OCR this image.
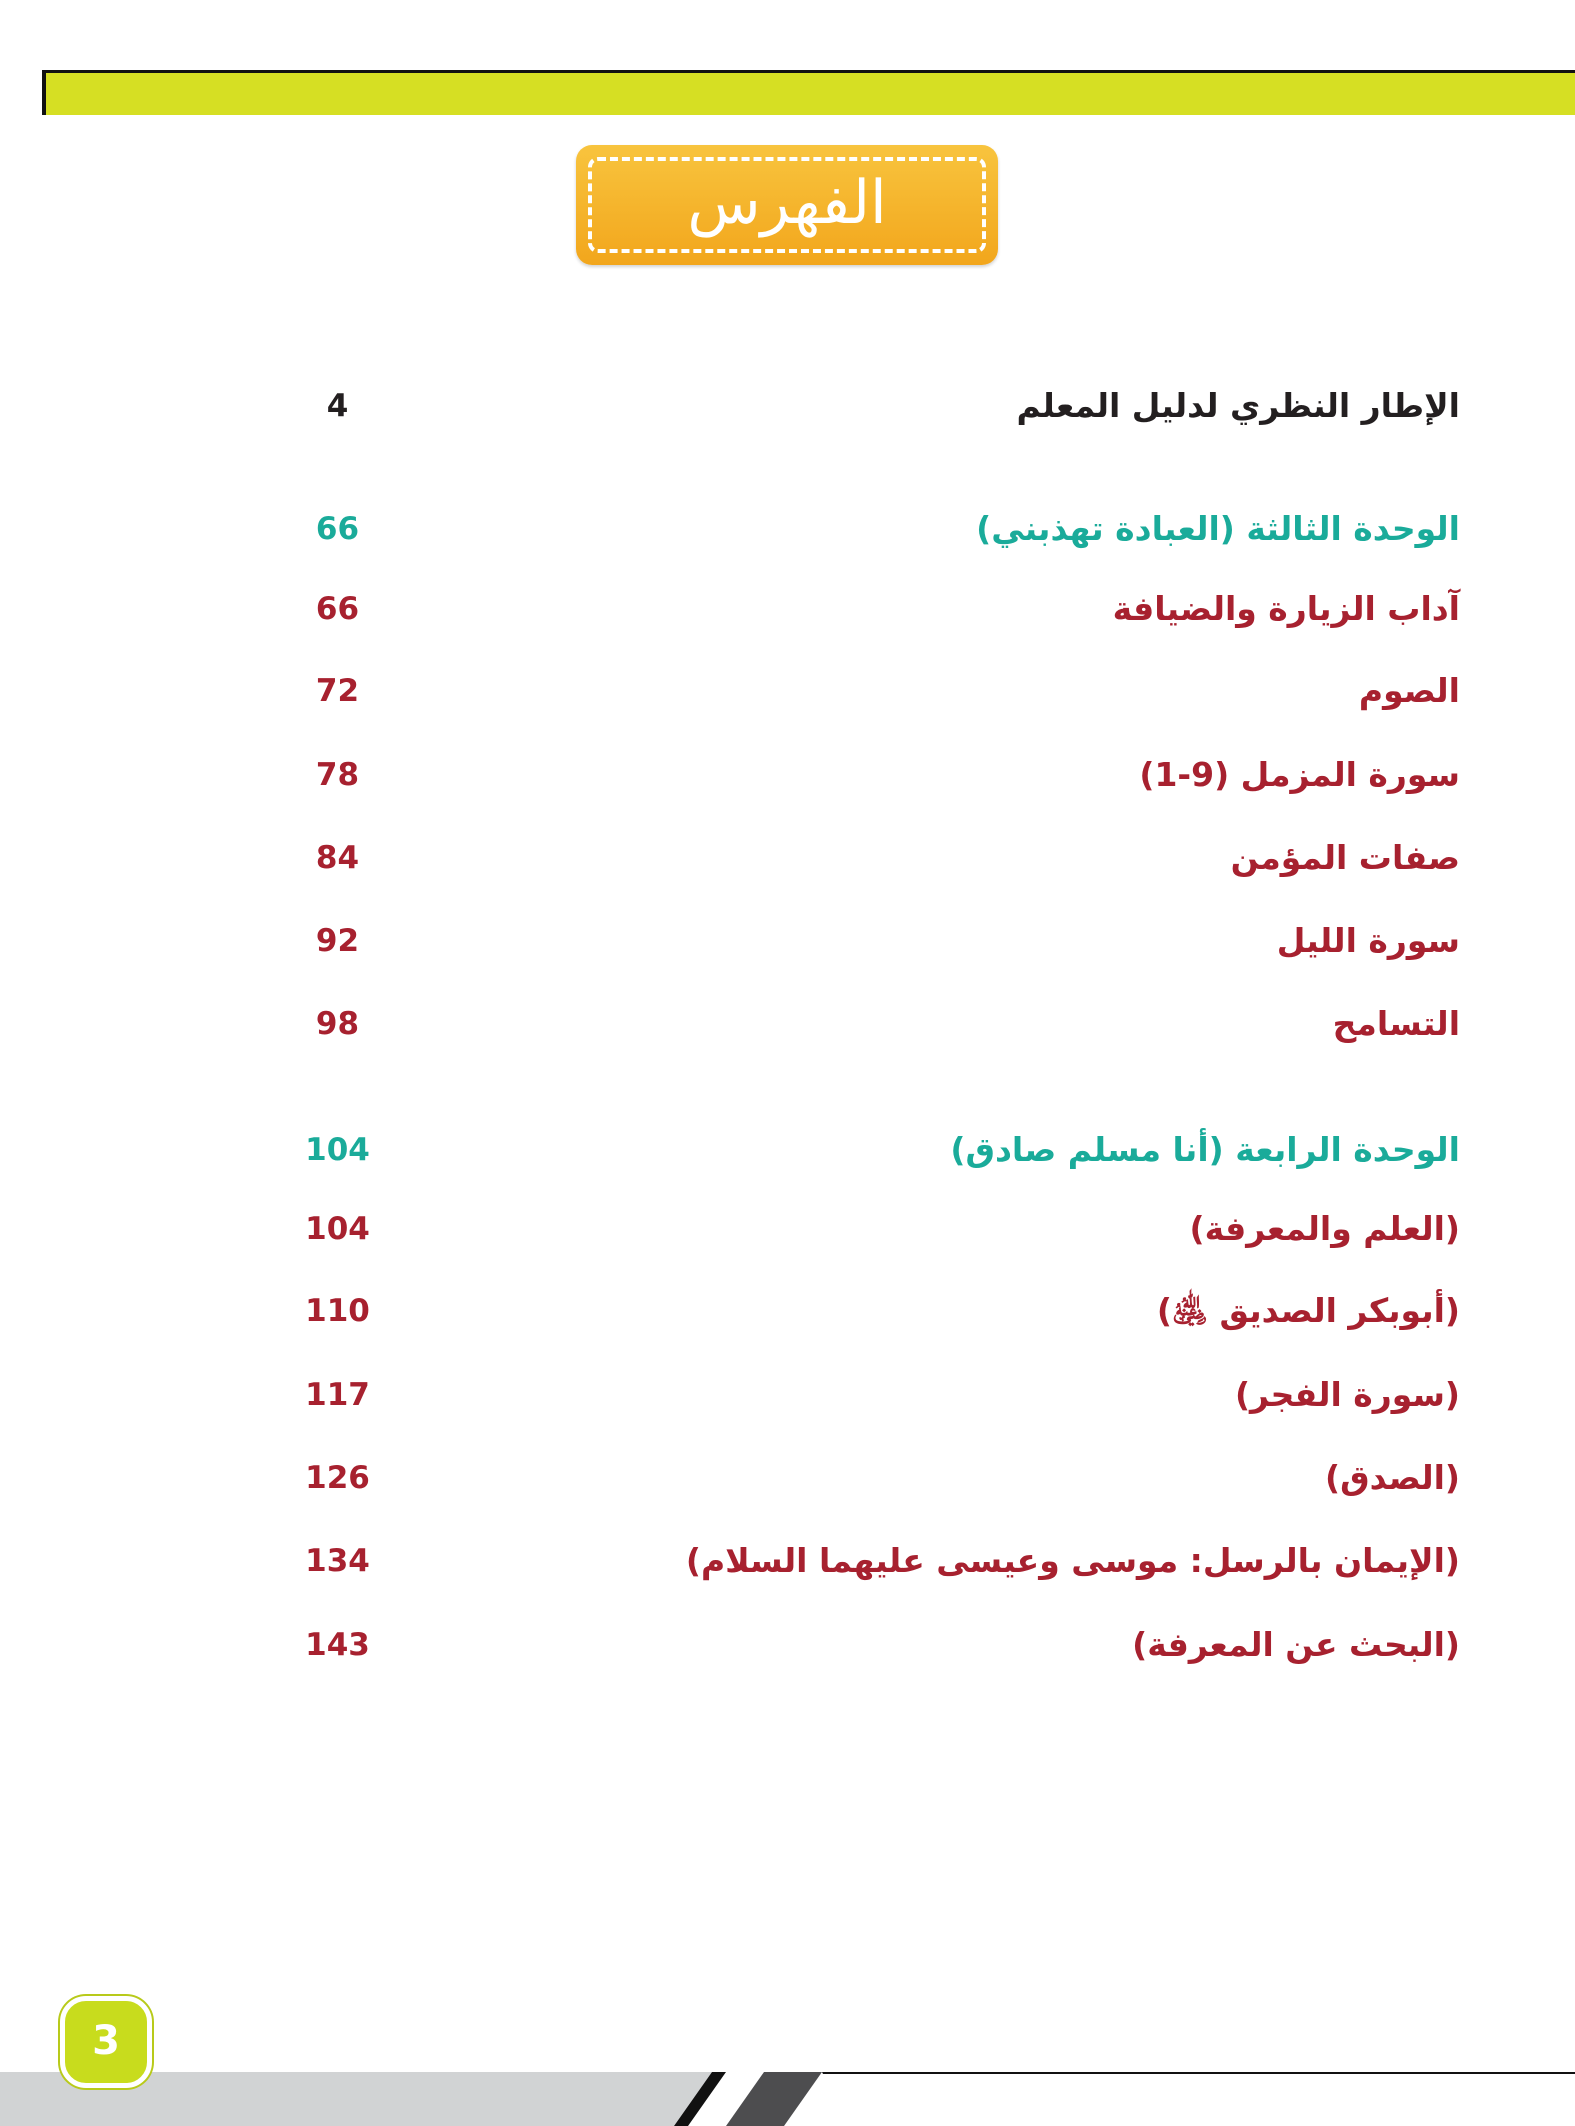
الفهرس
الإطار النظري لدليل المعلم
4
الوحدة الثالثة (العبادة تهذبني)
66
آداب الزيارة والضيافة
66
الصوم
72
سورة المزمل (9-1)
78
صفات المؤمن
84
سورة الليل
92
التسامح
98
الوحدة الرابعة (أنا مسلم صادق)
104
(العلم والمعرفة)
104
(أبوبكر الصديق ﵁)
110
(سورة الفجر)
117
(الصدق)
126
(الإيمان بالرسل: موسى وعيسى عليهما السلام)
134
(البحث عن المعرفة)
143
3
